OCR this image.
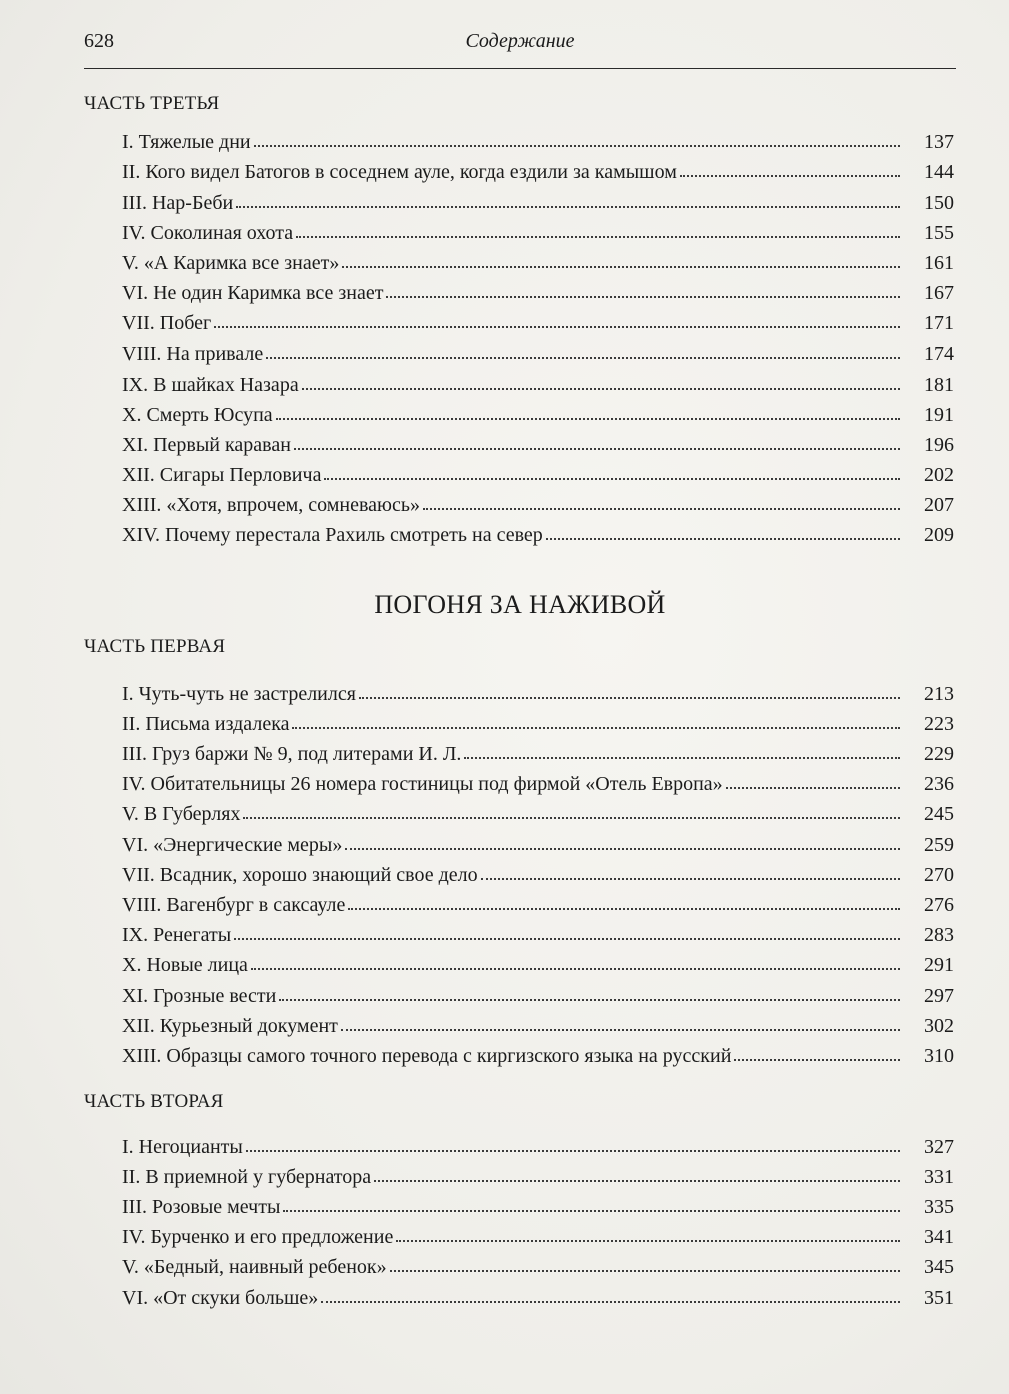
628	Содержание
ЧАСТЬ ТРЕТЬЯ
I. Тяжелые дни	137
II. Кого видел Батогов в соседнем ауле, когда ездили за камышом	144
III. Нар-Беби	150
IV. Соколиная охота	155
V. «А Каримка все знает»	161
VI. Не один Каримка все знает	167
VII. Побег	171
VIII. На привале	174
IX. В шайках Назара	181
X. Смерть Юсупа	191
XI. Первый караван	196
XII. Сигары Перловича	202
XIII. «Хотя, впрочем, сомневаюсь»	207
XIV. Почему перестала Рахиль смотреть на север	209
ПОГОНЯ ЗА НАЖИВОЙ
ЧАСТЬ ПЕРВАЯ
I. Чуть-чуть не застрелился	213
II. Письма издалека	223
III. Груз баржи № 9, под литерами И. Л.	229
IV. Обитательницы 26 номера гостиницы под фирмой «Отель Европа»	236
V. В Губерлях	245
VI. «Энергические меры»	259
VII. Всадник, хорошо знающий свое дело	270
VIII. Вагенбург в саксауле	276
IX. Ренегаты	283
X. Новые лица	291
XI. Грозные вести	297
XII. Курьезный документ	302
XIII. Образцы самого точного перевода с киргизского языка на русский	310
ЧАСТЬ ВТОРАЯ
I. Негоцианты	327
II. В приемной у губернатора	331
III. Розовые мечты	335
IV. Бурченко и его предложение	341
V. «Бедный, наивный ребенок»	345
VI. «От скуки больше»	351
